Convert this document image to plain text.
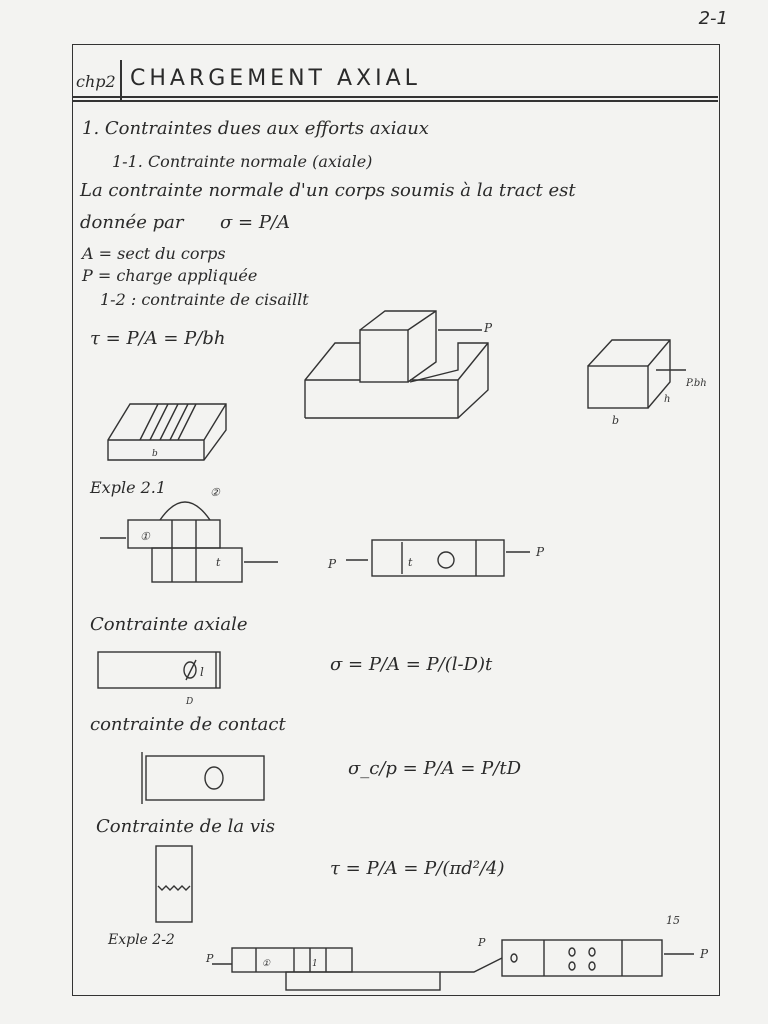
2-1
chp2 CHARGEMENT AXIAL
1. Contraintes dues aux efforts axiaux
1-1. Contrainte normale (axiale)
La contrainte normale d'un corps soumis à la tract est
donnée par σ = P/A
A = sect du corps
P = charge appliquée
1-2 : contrainte de cisaillt
τ = P/A = P/bh
Exple 2.1
Contrainte axiale
σ = P/A = P/(l-D)t
contrainte de contact
σ_c/p = P/A = P/tD
Contrainte de la vis
τ = P/A = P/(πd²/4)
Exple 2-2
P
P.bh
h
b
b
①
②
t	P
P
t
l
D
P	①	1
P
P
15
